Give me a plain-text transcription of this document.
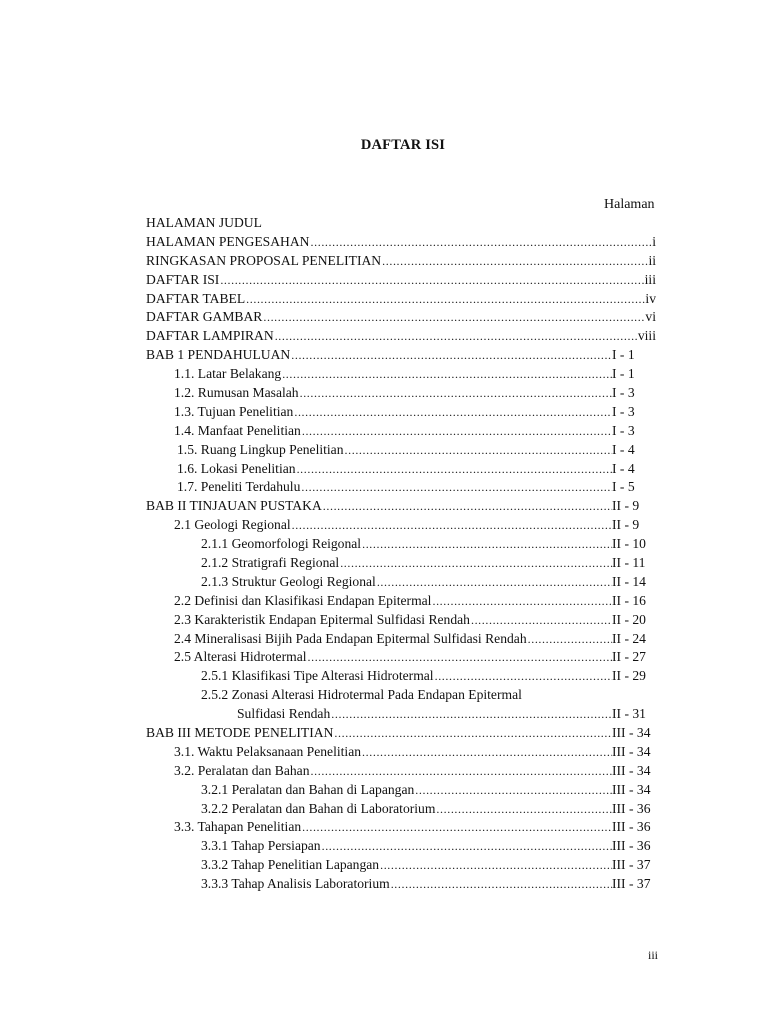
DAFTAR ISI
Halaman
HALAMAN JUDUL
HALAMAN PENGESAHAN .....	i
RINGKASAN PROPOSAL PENELITIAN .....	ii
DAFTAR ISI .....	iii
DAFTAR TABEL .....	iv
DAFTAR GAMBAR .....	vi
DAFTAR LAMPIRAN .....	viii
BAB 1 PENDAHULUAN .....	I - 1
1.1. Latar Belakang .....	I - 1
1.2. Rumusan Masalah .....	I - 3
1.3. Tujuan Penelitian .....	I - 3
1.4. Manfaat Penelitian .....	I - 3
1.5. Ruang Lingkup Penelitian .....	I - 4
1.6. Lokasi Penelitian .....	I - 4
1.7. Peneliti Terdahulu .....	I - 5
BAB II TINJAUAN PUSTAKA .....	II - 9
2.1 Geologi Regional .....	II - 9
2.1.1 Geomorfologi Reigonal .....	II - 10
2.1.2 Stratigrafi Regional .....	II - 11
2.1.3 Struktur Geologi Regional .....	II - 14
2.2 Definisi dan Klasifikasi Endapan Epitermal .....	II - 16
2.3 Karakteristik Endapan Epitermal Sulfidasi Rendah .....	II - 20
2.4 Mineralisasi Bijih Pada Endapan Epitermal Sulfidasi Rendah .....	II - 24
2.5 Alterasi Hidrotermal .....	II - 27
2.5.1 Klasifikasi Tipe Alterasi Hidrotermal .....	II - 29
2.5.2 Zonasi Alterasi Hidrotermal Pada Endapan Epitermal
Sulfidasi Rendah .....	II - 31
BAB III METODE PENELITIAN .....	III - 34
3.1. Waktu Pelaksanaan Penelitian .....	III - 34
3.2. Peralatan dan Bahan .....	III - 34
3.2.1 Peralatan dan Bahan di Lapangan .....	III - 34
3.2.2 Peralatan dan Bahan di Laboratorium .....	III - 36
3.3. Tahapan Penelitian .....	III - 36
3.3.1 Tahap Persiapan .....	III - 36
3.3.2 Tahap Penelitian Lapangan .....	III - 37
3.3.3 Tahap Analisis Laboratorium .....	III - 37
iii
